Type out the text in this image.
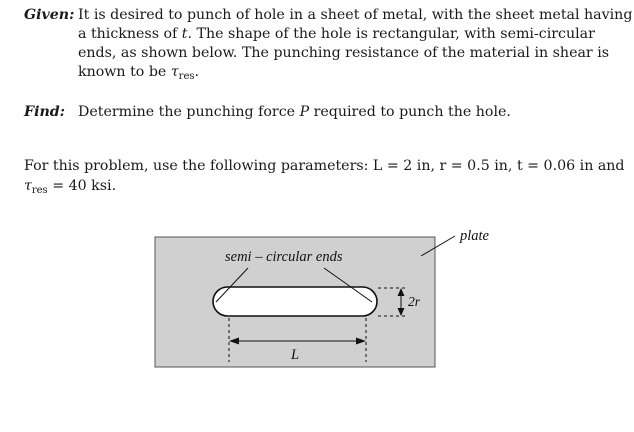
Given: It is desired to punch of hole in a sheet of metal, with the sheet metal having
a thickness of t. The shape of the hole is rectangular, with semi-circular
ends, as shown below. The punching resistance of the material in shear is
known to be $\tau_{res}$.
Find: Determine the punching force P required to punch the hole.
For this problem, use the following parameters: L = 2 in, r = 0.5 in, t = 0.06 in and
$\tau_{res} = 40$ ksi.
semi – circular ends
plate
L
2r
